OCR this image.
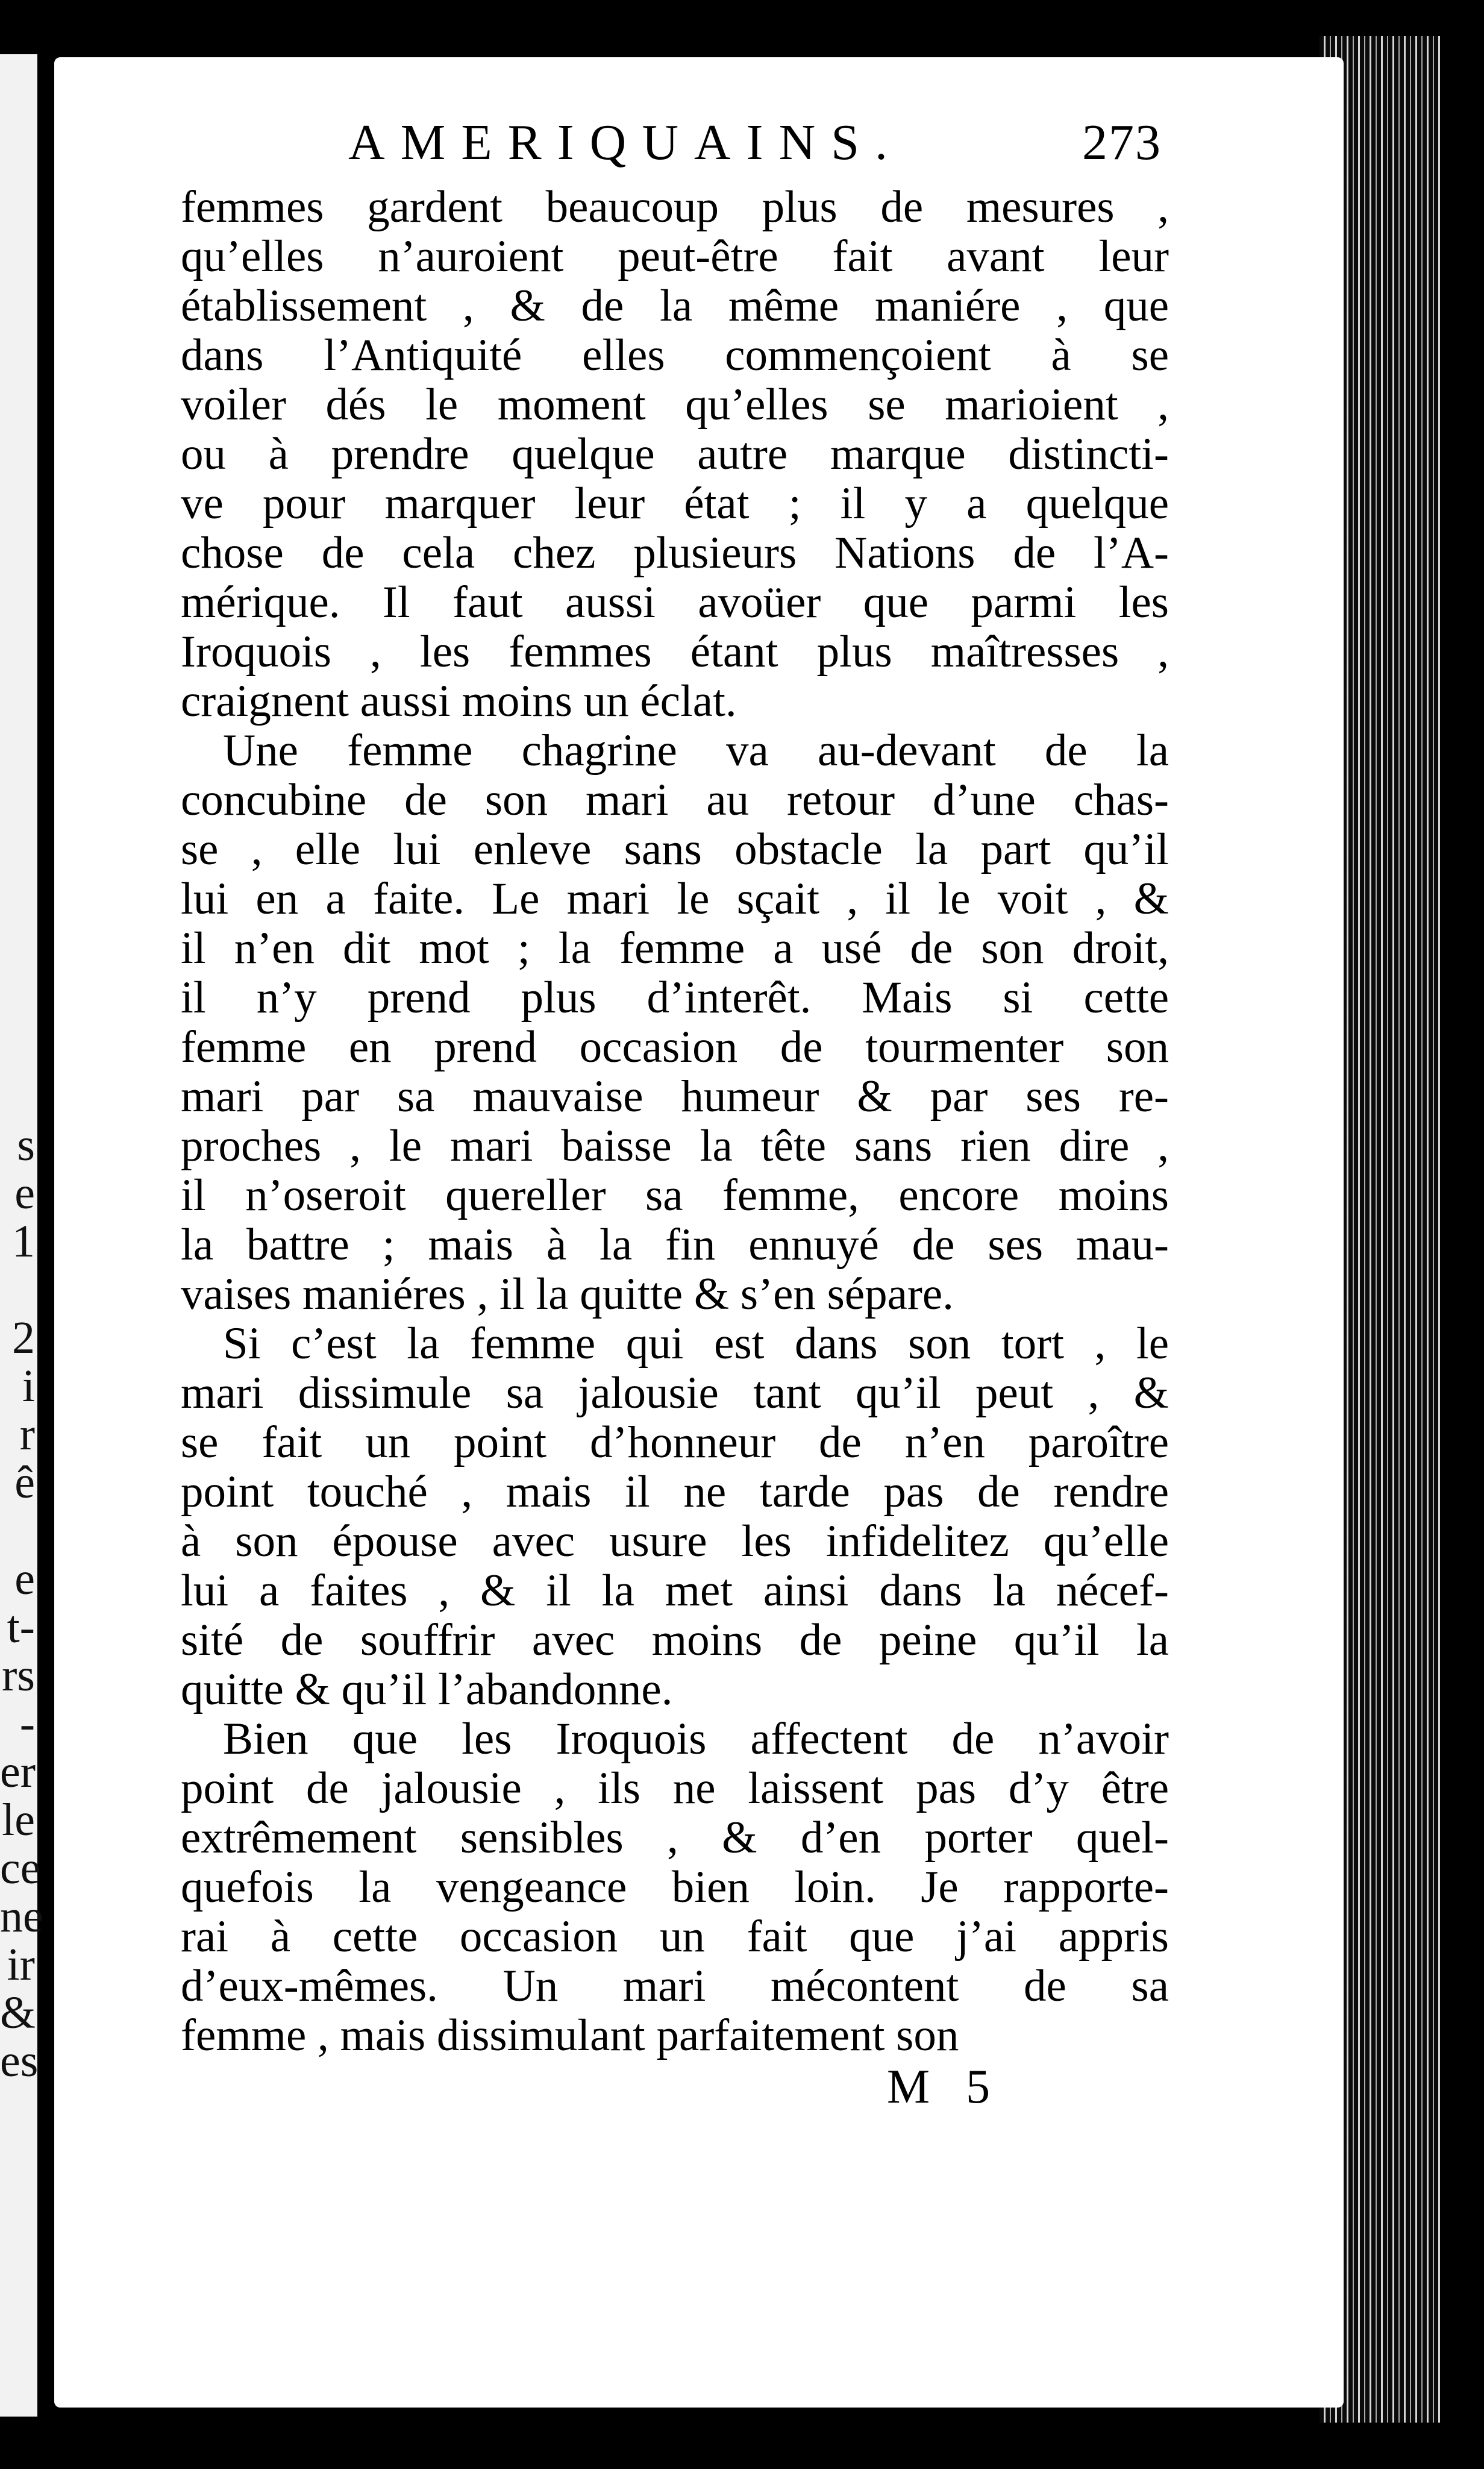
s
e
1

2
i
r
ê

e
t-
rs
-
er
le
ce
ne
ir
&
es
AMERIQUAINS.	273
femmes gardent beaucoup plus de mesures ,
qu’elles n’auroient peut-être fait avant leur
établissement , & de la même maniére , que
dans l’Antiquité elles commençoient à se
voiler dés le moment qu’elles se marioient ,
ou à prendre quelque autre marque distincti-
ve pour marquer leur état ; il y a quelque
chose de cela chez plusieurs Nations de l’A-
mérique. Il faut aussi avoüer que parmi les
Iroquois , les femmes étant plus maîtresses ,
craignent aussi moins un éclat.
Une femme chagrine va au-devant de la
concubine de son mari au retour d’une chas-
se , elle lui enleve sans obstacle la part qu’il
lui en a faite. Le mari le sçait , il le voit , &
il n’en dit mot ; la femme a usé de son droit,
il n’y prend plus d’interêt. Mais si cette
femme en prend occasion de tourmenter son
mari par sa mauvaise humeur & par ses re-
proches , le mari baisse la tête sans rien dire ,
il n’oseroit quereller sa femme, encore moins
la battre ; mais à la fin ennuyé de ses mau-
vaises maniéres , il la quitte & s’en sépare.
Si c’est la femme qui est dans son tort , le
mari dissimule sa jalousie tant qu’il peut , &
se fait un point d’honneur de n’en paroître
point touché , mais il ne tarde pas de rendre
à son épouse avec usure les infidelitez qu’elle
lui a faites , & il la met ainsi dans la nécef-
sité de souffrir avec moins de peine qu’il la
quitte & qu’il l’abandonne.
Bien que les Iroquois affectent de n’avoir
point de jalousie , ils ne laissent pas d’y être
extrêmement sensibles , & d’en porter quel-
quefois la vengeance bien loin. Je rapporte-
rai à cette occasion un fait que j’ai appris
d’eux-mêmes. Un mari mécontent de sa
femme , mais dissimulant parfaitement son
M 5
